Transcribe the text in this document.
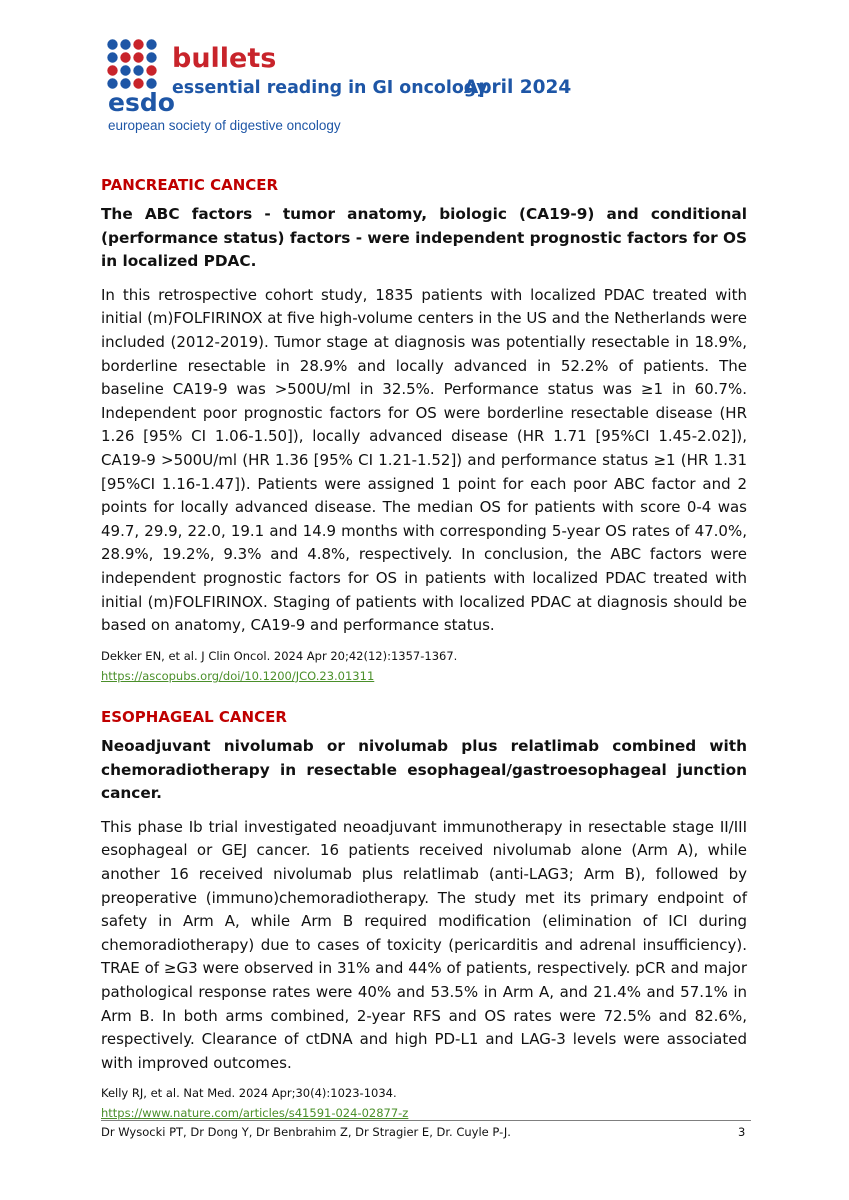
esdo
bullets
essential reading in GI oncology
european society of digestive oncology
April 2024
PANCREATIC CANCER

The ABC factors - tumor anatomy, biologic (CA19-9) and conditional (performance status) factors - were independent prognostic factors for OS in localized PDAC.

In this retrospective cohort study, 1835 patients with localized PDAC treated with initial (m)FOLFIRINOX at five high-volume centers in the US and the Netherlands were included (2012-2019). Tumor stage at diagnosis was potentially resectable in 18.9%, borderline resectable in 28.9% and locally advanced in 52.2% of patients. The baseline CA19-9 was >500U/ml in 32.5%. Performance status was ≥1 in 60.7%. Independent poor prognostic factors for OS were borderline resectable disease (HR 1.26 [95% CI 1.06-1.50]), locally advanced disease (HR 1.71 [95%CI 1.45-2.02]), CA19-9 >500U/ml (HR 1.36 [95% CI 1.21-1.52]) and performance status ≥1 (HR 1.31 [95%CI 1.16-1.47]). Patients were assigned 1 point for each poor ABC factor and 2 points for locally advanced disease. The median OS for patients with score 0-4 was 49.7, 29.9, 22.0, 19.1 and 14.9 months with corresponding 5-year OS rates of 47.0%, 28.9%, 19.2%, 9.3% and 4.8%, respectively. In conclusion, the ABC factors were independent prognostic factors for OS in patients with localized PDAC treated with initial (m)FOLFIRINOX. Staging of patients with localized PDAC at diagnosis should be based on anatomy, CA19-9 and performance status.

Dekker EN, et al. J Clin Oncol. 2024 Apr 20;42(12):1357-1367.

https://ascopubs.org/doi/10.1200/JCO.23.01311
ESOPHAGEAL CANCER

Neoadjuvant nivolumab or nivolumab plus relatlimab combined with chemoradiotherapy in resectable esophageal/gastroesophageal junction cancer.

This phase Ib trial investigated neoadjuvant immunotherapy in resectable stage II/III esophageal or GEJ cancer. 16 patients received nivolumab alone (Arm A), while another 16 received nivolumab plus relatlimab (anti-LAG3; Arm B), followed by preoperative (immuno)chemoradiotherapy. The study met its primary endpoint of safety in Arm A, while Arm B required modification (elimination of ICI during chemoradiotherapy) due to cases of toxicity (pericarditis and adrenal insufficiency). TRAE of ≥G3 were observed in 31% and 44% of patients, respectively. pCR and major pathological response rates were 40% and 53.5% in Arm A, and 21.4% and 57.1% in Arm B. In both arms combined, 2-year RFS and OS rates were 72.5% and 82.6%, respectively. Clearance of ctDNA and high PD-L1 and LAG-3 levels were associated with improved outcomes.

Kelly RJ, et al. Nat Med. 2024 Apr;30(4):1023-1034.

https://www.nature.com/articles/s41591-024-02877-z
Dr Wysocki PT, Dr Dong Y, Dr Benbrahim Z, Dr Stragier E, Dr. Cuyle P-J.	3
